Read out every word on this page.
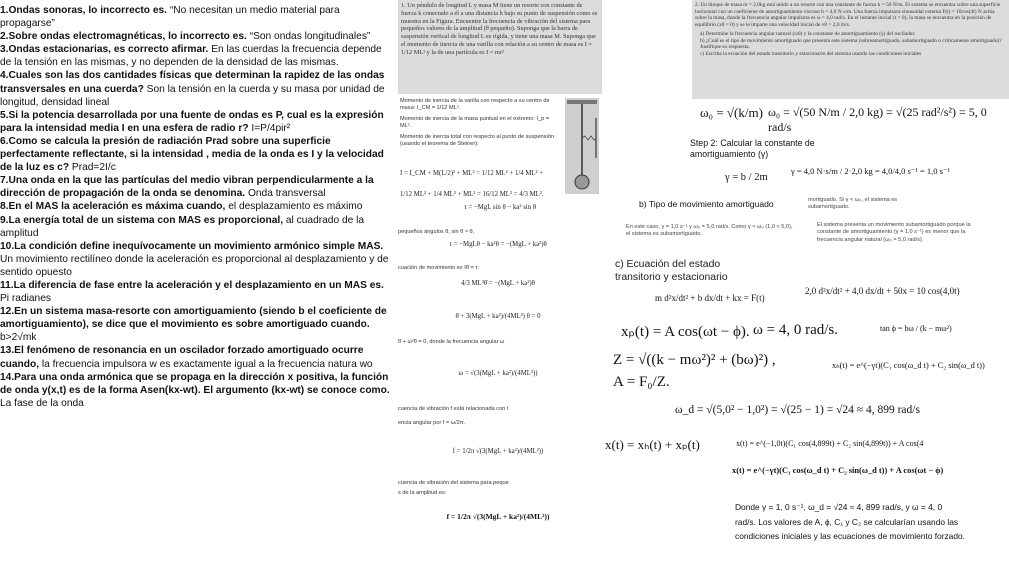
1.Ondas sonoras, lo incorrecto es. “No necesitan un medio material para propagarse”

2.Sobre ondas electromagnéticas, lo incorrecto es. “Son ondas longitudinales”

3.Ondas estacionarias, es correcto afirmar. En las cuerdas la frecuencia depende de la tensión en las mismas, y no dependen de la densidad de las mismas.

4.Cuales son las dos cantidades físicas que determinan la rapidez de las ondas transversales en una cuerda? Son la tensión en la cuerda y su masa por unidad de longitud, densidad lineal

5.Si la potencia desarrollada por una fuente de ondas es P, cual es la expresión para la intensidad media I en una esfera de radio r? I=P/4pir²

6.Como se calcula la presión de radiación Prad sobre una superficie perfectamente reflectante, si la intensidad , media de la onda es I y la velocidad de la luz es c? Prad=2I/c

7.Una onda en la que las partículas del medio vibran perpendicularmente a la dirección de propagación de la onda se denomina. Onda transversal

8.En el MAS la aceleración es máxima cuando, el desplazamiento es máximo

9.La energía total de un sistema con MAS es proporcional, al cuadrado de la amplitud

10.La condición define inequívocamente un movimiento armónico simple MAS. Un movimiento rectilíneo donde la aceleración es proporcional al desplazamiento y de sentido opuesto

11.La diferencia de fase entre la aceleración y el desplazamiento en un MAS es. Pi radianes

12.En un sistema masa-resorte con amortiguamiento (siendo b el coeficiente de amortiguamiento), se dice que el movimiento es sobre amortiguado cuando. b>2√mk

13.El fenómeno de resonancia en un oscilador forzado amortiguado ocurre cuando, la frecuencia impulsora w es exactamente igual a la frecuencia natura wo

14.Para una onda armónica que se propaga en la dirección x positiva, la función de onda y(x,t) es de la forma Asen(kx-wt). El argumento (kx-wt) se conoce como. La fase de la onda

1. Un péndulo de longitud L y masa M tiene un resorte con constante de fuerza k conectado a él a una distancia h bajo su punto de suspensión como se muestra en la Figura. Encuentre la frecuencia de vibración del sistema para pequeños valores de la amplitud (θ pequeño). Suponga que la barra de suspensión vertical de longitud L es rígida, y tiene una masa M. Suponga que el momento de inercia de una varilla con relación a su centro de masa es I = 1/12 ML² y la de una partícula es I = mr²
Momento de inercia de la varilla con respecto a su centro de masa: I_CM = 1/12 ML².
Momento de inercia de la masa puntual en el extremo: I_p = ML².
Momento de inercia total con respecto al punto de suspensión (usando el teorema de Steiner):
I = I_CM + M(L/2)² + ML² = 1/12 ML² + 1/4 ML² +
1/12 ML² + 1/4 ML² + ML² = 16/12 ML² = 4/3 ML².
τ = −MgL sin θ − ka² sin θ
pequeños ángulos θ, sin θ ≈ θ,
τ = −MgLθ − ka²θ = −(MgL + ka²)θ
cuación de movimiento es Iθ̈ = τ:
4/3 ML²θ̈ = −(MgL + ka²)θ
θ̈ + 3(MgL + ka²)/(4ML²) θ = 0
θ̈ + ω²θ = 0, donde la frecuencia angular ω
ω = √(3(MgL + ka²)/(4ML²))
cuencia de vibración f está relacionada con l
encia angular por f = ω/2π.
f = 1/2π √(3(MgL + ka²)/(4ML²))
cuencia de vibración del sistema para peque
s de la amplitud es:
f = 1/2π √(3(MgL + ka²)/(4ML²))
2. Un bloque de masa m = 2,0kg está unido a un resorte con una constante de fuerza k = 50 N/m. El sistema se encuentra sobre una superficie horizontal con un coeficiente de amortiguamiento viscoso b = 4,0 N·s/m. Una fuerza impulsora sinusoidal externa F(t) = 10cos(4t) N actúa sobre la masa, donde la frecuencia angular impulsora es ω = 4,0 rad/s. En el instante inicial (t = 0), la masa se encuentra en la posición de equilibrio (x0 = 0) y se le imparte una velocidad inicial de v0 = 2,0 m/s.
a) Determine la frecuencia angular natural (ω0) y la constante de amortiguamiento (γ) del oscilador.
b) ¿Cuál es el tipo de movimiento amortiguado que presenta este sistema (sobreamortiguado, subamortiguado o críticamente amortiguado)? Justifique su respuesta.
c) Escriba la ecuación del estado transitorio y estacionario del sistema usando las condiciones iniciales
ω₀ = √(k/m) ω₀ = √(50 N/m / 2,0 kg) = √(25 rad²/s²) = 5, 0 rad/s
Step 2: Calcular la constante de amortiguamiento (γ)
γ = b / 2m
γ = 4,0 N·s/m / 2·2,0 kg = 4,0/4,0 s⁻¹ = 1,0 s⁻¹
b) Tipo de movimiento amortiguado	mortiguado. Si γ < ω₀, el sistema es subamortiguado.
En este caso, γ = 1,0 s⁻¹ y ω₀ = 5,0 rad/s. Como γ < ω₀ (1,0 < 5,0), el sistema es subamortiguado.
El sistema presenta un movimiento subamortiguado porque la constante de amortiguamiento (γ = 1,0 s⁻¹) es menor que la frecuencia angular natural (ω₀ = 5,0 rad/s).
c) Ecuación del estado transitorio y estacionario
m d²x/dt² + b dx/dt + kx = F(t)
2,0 d²x/dt² + 4,0 dx/dt + 50x = 10 cos(4,0t)
xₚ(t) = A cos(ωt − ϕ). ω = 4, 0 rad/s.	tan ϕ = bω / (k − mω²)
Z = √((k − mω²)² + (bω)²) ,	xₕ(t) = e^(−γt)(C₁ cos(ω_d t) + C₂ sin(ω_d t))
A = F₀/Z.
ω_d = √(5,0² − 1,0²) = √(25 − 1) = √24 ≈ 4, 899 rad/s
x(t) = xₕ(t) + xₚ(t)	x(t) = e^(−1,0t)(C₁ cos(4,899t) + C₂ sin(4,899t)) + A cos(4
x(t) = e^(−γt)(C₁ cos(ω_d t) + C₂ sin(ω_d t)) + A cos(ωt − ϕ)
Donde γ = 1, 0 s⁻¹, ω_d = √24 ≈ 4, 899 rad/s, y ω = 4, 0 rad/s. Los valores de A, ϕ, C₁ y C₂ se calcularían usando las condiciones iniciales y las ecuaciones de movimiento forzado.
